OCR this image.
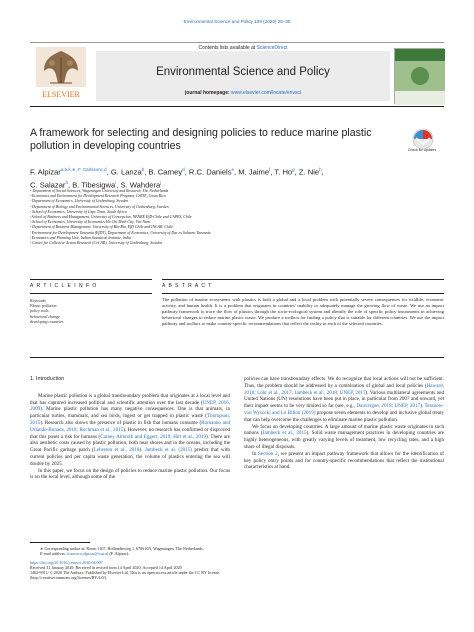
Environmental Science and Policy 109 (2020) 25–35
ELSEVIER
Contents lists available at ScienceDirect
Environmental Science and Policy
journal homepage: www.elsevier.com/locate/envsci
A framework for selecting and designing policies to reduce marine plastic pollution in developing countries	Check for updates
F. Alpizar$^{a,b,k,∗, F. Carlssonc,d}$, G. Lanza$^b$, B. Carney$^d$, R.C. Daniels$^e$, M. Jaime$^f$, T. Ho$^g$, Z. Nie$^h$,
C. Salazar$^h$, B. Tibesigwa$^i$, S. Wahdera$^j$
ᵃ Department of Social Sciences, Wageningen University and Research, The Netherlands
ᵇ Economics and Environment for Development Research Program, CATIE, Costa Rica
ᶜ Department of Economics, University of Gothenburg, Sweden
ᵈ Department of Biology and Environmental Sciences, University of Gothenburg, Sweden
ᵉ School of Economics, University of Cape Town, South Africa
ᶠ School of Business and Management, University of Concepcion, NENRE EfD-Chile and CAPES, Chile
ᵍ School of Economics, University of Economics Ho Chi Minh City, Viet Nam
ʰ Department of Business Management, University of Bío-Bío, EfD Chile and INCAR, Chile
ⁱ Environment for Development Tanzania (EfDT), Department of Economics, University of Dar es Salaam, Tanzania
ʲ Economics and Planning Unit, Indian Statistical Institute, India
ᵏ Center for Collective Action Research (CeCAR), University of Gothenburg, Sweden
A R T I C L E I N F O	A B S T R A C T
Keywords
Plastic pollution
policy tools
behavioral change
developing countries
The pollution of marine ecosystems with plastics is both a global and a local problem with potentially severe consequences for wildlife, economic activity, and human health. It is a problem that originates in countries' inability to adequately manage the growing flow of waste. We use an impact pathway framework to trace the flow of plastics through the socio-ecological system and identify the role of specific policy instruments in achieving behavioral changes to reduce marine plastic waste. We produce a toolbox for finding a policy that is suitable for different countries. We use the impact pathway and toolbox to make country-specific recommendations that reflect the reality in each of the selected countries.
1. Introduction

Marine plastic pollution is a global transboundary problem that originates at a local level and that has captured increased political and scientific attention over the last decade (UNEP, 2016, 2009). Marine plastic pollution has many negative consequences. One is that animals, in particular turtles, mammals, and sea birds, ingest or get trapped in plastic waste (Thompson, 2015). Research also shows the presence of plastic in fish that humans consume (Romanno and Orlando-Bonaca, 2018; Rochman et al., 2015). However, no research has confirmed or disproved that this poses a risk for humans (Carney Almroth and Eggert, 2019; Hirt et al., 2019). There are also aesthetic costs caused by plastic pollution, both near shores and in the oceans, including the Great Pacific garbage patch (Lebreton et al., 2018). Jambeck et al. (2015) predict that with current policies and per capita waste generation, the volume of plastics entering the sea will double by 2025.

In this paper, we focus on the design of policies to reduce marine plastic pollution. Our focus is on the local level, although some of the

policies can have transboundary effects. We do recognize that local actions will not be sufficient. Thus, the problem should be addressed by a combination of global and local policies (Haward, 2018; Löhr et al., 2017; Jambeck et al., 2018; UNEP, 2017). Various multilateral agreements and United Nations (UN) resolutions have been put in place, in particular from 2007 and onward, yet their impact seems to be very limited so far (see, e.g., Dauvergne, 2018; UNEP, 2017). Tessnow-von Wysocki and Le Billon (2019) propose seven elements to develop and inclusive global treaty that can help overcome the challenges to eliminate marine plastic pollution.

We focus on developing countries. A large amount of marine plastic waste originates in such nations (Jambeck et al., 2015). Solid waste management practices in developing countries are highly heterogeneous, with greatly varying levels of treatment, low recycling rates, and a high share of illegal disposals.

In Section 2, we present an impact pathway framework that allows for the identification of key policy entry points and for country-specific recommendations that reflect the institutional characteristics at hand.

∗ Corresponding author at: Room 1107, Hollandseweg 1, 6706 KN, Wageningen, The Netherlands.
E-mail address: francisco.alpizar@wur.nl (F. Alpizar).
https://doi.org/10.1016/j.envsci.2020.04.007
Received 31 January 2020; Received in revised form 14 April 2020; Accepted 14 April 2020
1462-9011/ © 2020 The Authors. Published by Elsevier Ltd. This is an open access article under the CC BY license
(http://creativecommons.org/licenses/BY/4.0/).
